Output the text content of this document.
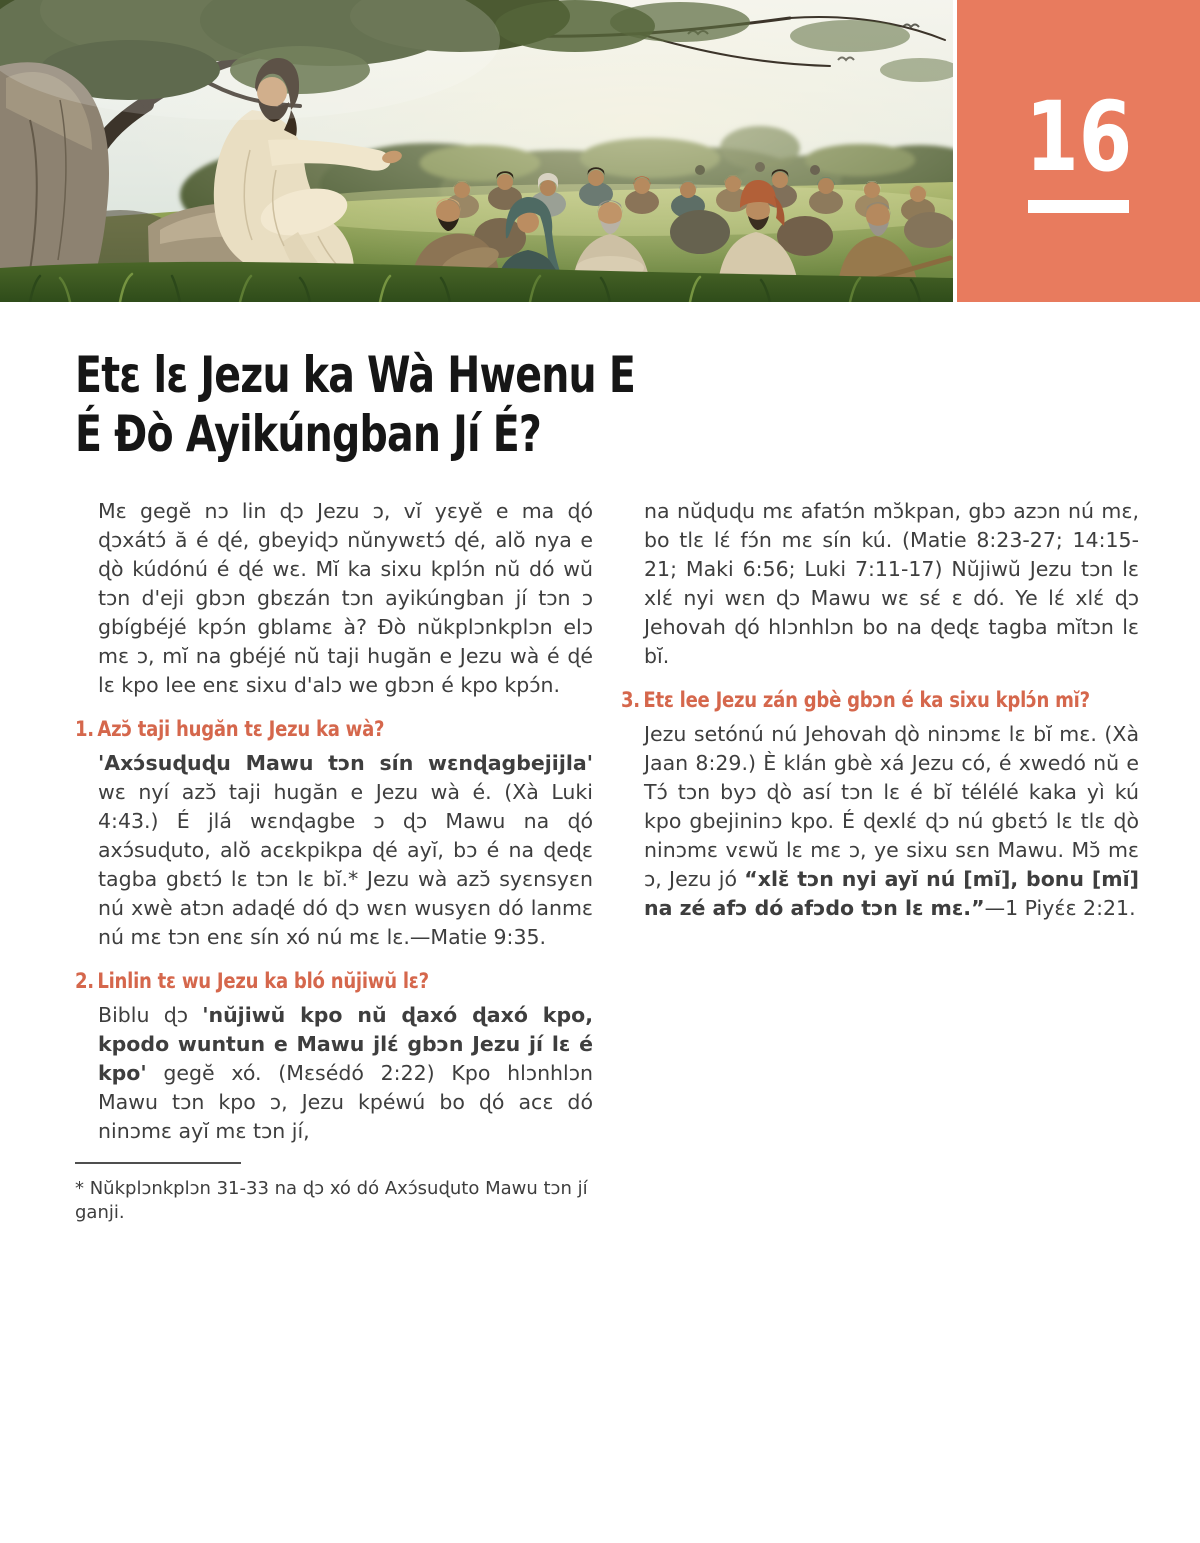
16
Etɛ lɛ Jezu ka Wà Hwenu E
É Ɖò Ayikúngban Jí É?

Mɛ gegĕ nɔ lin ɖɔ Jezu ɔ, vĭ yɛyĕ e ma ɖó ɖɔxátɔ́ ă é ɖé, gbeyiɖɔ nŭnywɛtɔ́ ɖé, alŏ nya e ɖò kúdónú é ɖé wɛ. Mĭ ka sixu kplɔ́n nŭ dó wŭ tɔn d'eji gbɔn gbɛzán tɔn ayikúngban jí tɔn ɔ gbígbéjé kpɔ́n gblamɛ à? Ɖò nŭkplɔnkplɔn elɔ mɛ ɔ, mĭ na gbéjé nŭ taji hugăn e Jezu wà é ɖé lɛ kpo lee enɛ sixu d'alɔ we gbɔn é kpo kpɔ́n.

1. Azɔ̆ taji hugăn tɛ Jezu ka wà?

'Axɔ́suɖuɖu Mawu tɔn sín wɛnɖagbejijla' wɛ nyí azɔ̆ taji hugăn e Jezu wà é. (Xà Luki 4:43.) É jlá wɛnɖagbe ɔ ɖɔ Mawu na ɖó axɔ́suɖuto, alŏ acɛkpikpa ɖé ayĭ, bɔ é na ɖeɖɛ tagba gbɛtɔ́ lɛ tɔn lɛ bĭ.* Jezu wà azɔ̆ syɛnsyɛn nú xwè atɔn adaɖé dó ɖɔ wɛn wusyɛn dó lanmɛ nú mɛ tɔn enɛ sín xó nú mɛ lɛ.—Matie 9:35.

2. Linlin tɛ wu Jezu ka bló nŭjiwŭ lɛ?

Biblu ɖɔ 'nŭjiwŭ kpo nŭ ɖaxó ɖaxó kpo, kpodo wuntun e Mawu jlɛ́ gbɔn Jezu jí lɛ é kpo' gegĕ xó. (Mɛsédó 2:22) Kpo hlɔnhlɔn Mawu tɔn kpo ɔ, Jezu kpéwú bo ɖó acɛ dó ninɔmɛ ayĭ mɛ tɔn jí,

* Nŭkplɔnkplɔn 31-33 na ɖɔ xó dó Axɔ́suɖuto Mawu tɔn jí ganji.

na nŭɖuɖu mɛ afatɔ́n mɔ̆kpan, gbɔ azɔn nú mɛ, bo tlɛ lɛ́ fɔ́n mɛ sín kú. (Matie 8:23-27; 14:15-21; Maki 6:56; Luki 7:11-17) Nŭjiwŭ Jezu tɔn lɛ xlɛ́ nyi wɛn ɖɔ Mawu wɛ sɛ́ ɛ dó. Ye lɛ́ xlɛ́ ɖɔ Jehovah ɖó hlɔnhlɔn bo na ɖeɖɛ tagba mĭtɔn lɛ bĭ.

3. Etɛ lee Jezu zán gbè gbɔn é ka sixu kplɔ́n mĭ?

Jezu setónú nú Jehovah ɖò ninɔmɛ lɛ bĭ mɛ. (Xà Jaan 8:29.) È klán gbè xá Jezu có, é xwedó nŭ e Tɔ́ tɔn byɔ ɖò así tɔn lɛ é bĭ télélé kaka yì kú kpo gbejininɔ kpo. É ɖexlɛ́ ɖɔ nú gbɛtɔ́ lɛ tlɛ ɖò ninɔmɛ vɛwŭ lɛ mɛ ɔ, ye sixu sɛn Mawu. Mɔ̆ mɛ ɔ, Jezu jó “xlɛ̆ tɔn nyi ayĭ nú [mĭ], bonu [mĭ] na zé afɔ dó afɔdo tɔn lɛ mɛ.”—1 Piyɛ́ɛ 2:21.
